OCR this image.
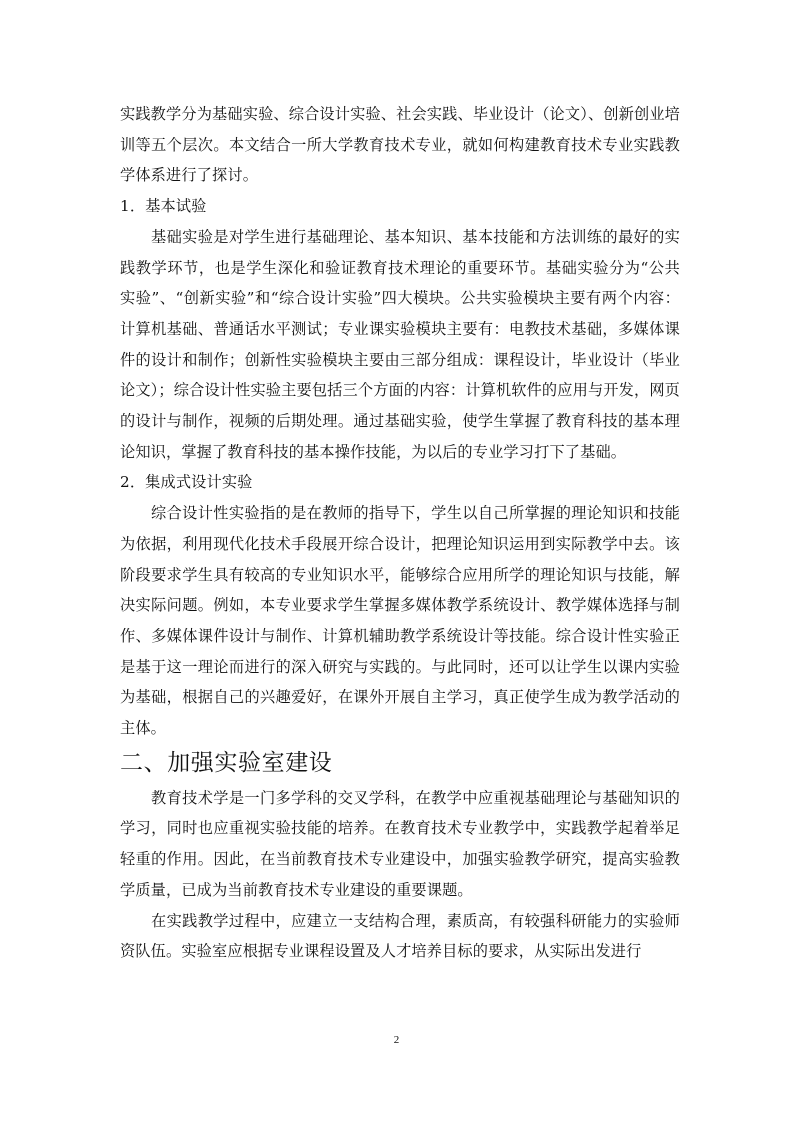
实践教学分为基础实验、综合设计实验、社会实践、毕业设计（论文）、创新创业培训等五个层次。本文结合一所大学教育技术专业，就如何构建教育技术专业实践教学体系进行了探讨。

1．基本试验

基础实验是对学生进行基础理论、基本知识、基本技能和方法训练的最好的实践教学环节，也是学生深化和验证教育技术理论的重要环节。基础实验分为“公共实验”、“创新实验”和“综合设计实验”四大模块。公共实验模块主要有两个内容：计算机基础、普通话水平测试；专业课实验模块主要有：电教技术基础，多媒体课件的设计和制作；创新性实验模块主要由三部分组成：课程设计，毕业设计（毕业论文）；综合设计性实验主要包括三个方面的内容：计算机软件的应用与开发，网页的设计与制作，视频的后期处理。通过基础实验，使学生掌握了教育科技的基本理论知识，掌握了教育科技的基本操作技能，为以后的专业学习打下了基础。

2．集成式设计实验

综合设计性实验指的是在教师的指导下，学生以自己所掌握的理论知识和技能为依据，利用现代化技术手段展开综合设计，把理论知识运用到实际教学中去。该阶段要求学生具有较高的专业知识水平，能够综合应用所学的理论知识与技能，解决实际问题。例如，本专业要求学生掌握多媒体教学系统设计、教学媒体选择与制作、多媒体课件设计与制作、计算机辅助教学系统设计等技能。综合设计性实验正是基于这一理论而进行的深入研究与实践的。与此同时，还可以让学生以课内实验为基础，根据自己的兴趣爱好，在课外开展自主学习，真正使学生成为教学活动的主体。

二、加强实验室建设

教育技术学是一门多学科的交叉学科，在教学中应重视基础理论与基础知识的学习，同时也应重视实验技能的培养。在教育技术专业教学中，实践教学起着举足轻重的作用。因此，在当前教育技术专业建设中，加强实验教学研究，提高实验教学质量，已成为当前教育技术专业建设的重要课题。

在实践教学过程中，应建立一支结构合理，素质高，有较强科研能力的实验师资队伍。实验室应根据专业课程设置及人才培养目标的要求，从实际出发进行

2
